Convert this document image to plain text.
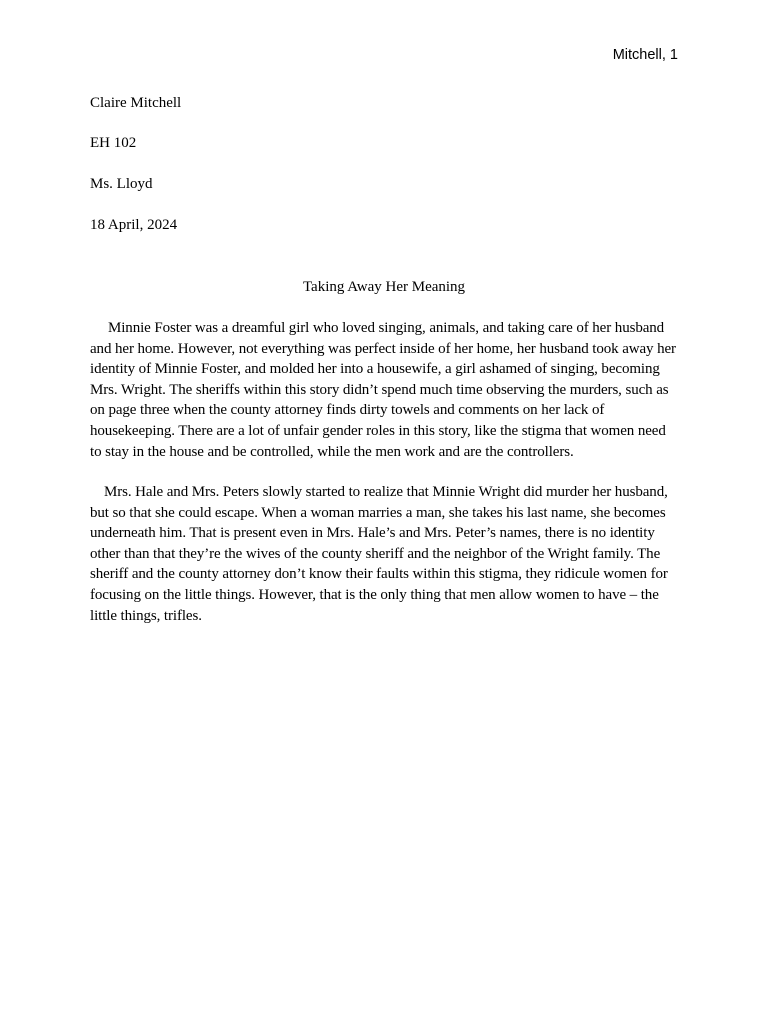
Mitchell, 1
Claire Mitchell
EH 102
Ms. Lloyd
18 April, 2024
Taking Away Her Meaning

Minnie Foster was a dreamful girl who loved singing, animals, and taking care of her husband and her home. However, not everything was perfect inside of her home, her husband took away her identity of Minnie Foster, and molded her into a housewife, a girl ashamed of singing, becoming Mrs. Wright. The sheriffs within this story didn’t spend much time observing the murders, such as on page three when the county attorney finds dirty towels and comments on her lack of housekeeping. There are a lot of unfair gender roles in this story, like the stigma that women need to stay in the house and be controlled, while the men work and are the controllers.

Mrs. Hale and Mrs. Peters slowly started to realize that Minnie Wright did murder her husband, but so that she could escape. When a woman marries a man, she takes his last name, she becomes underneath him. That is present even in Mrs. Hale’s and Mrs. Peter’s names, there is no identity other than that they’re the wives of the county sheriff and the neighbor of the Wright family. The sheriff and the county attorney don’t know their faults within this stigma, they ridicule women for focusing on the little things. However, that is the only thing that men allow women to have – the little things, trifles.
